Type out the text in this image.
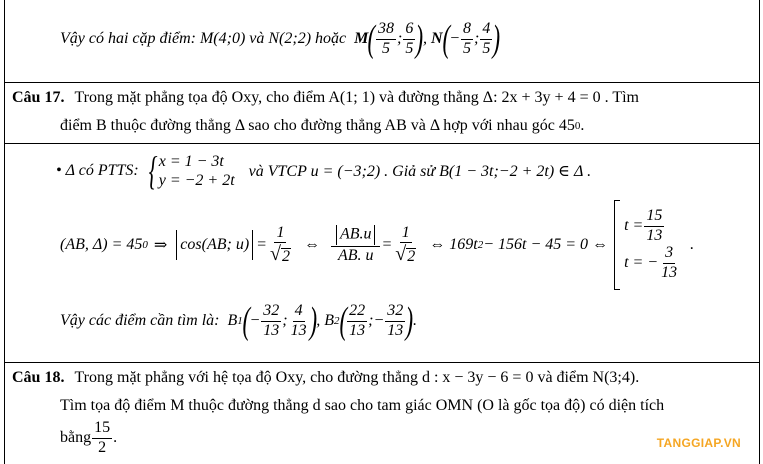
Vậy có hai cặp điểm: M(4;0) và N(2;2) hoặc M ( $\frac{38}{5}$ ; $\frac{6}{5}$ ) , N ( − $\frac{8}{5}$ ; $\frac{4}{5}$ )
Câu 17. Trong mặt phẳng tọa độ Oxy, cho điểm A(1; 1) và đường thẳng Δ: 2x + 3y + 4 = 0 . Tìm
điểm B thuộc đường thẳng Δ sao cho đường thẳng AB và Δ hợp với nhau góc 45 0 .
• Δ có PTTS: { x = 1 − 3t
y = −2 + 2t
và VTCP u = (−3;2) . Giả sử B(1 − 3t;−2 + 2t) ∈ Δ .
(AB, Δ) = 45 0 ⇒ cos(AB; $u) = \frac{1}{√ 2}$ ⇔ $\frac{AB.u}{AB. u} = \frac{1}{√ 2}$ ⇔ 169t 2 − 156t − 45 = 0 ⇔
$t = \frac{15}{13}$
t = − $\frac{3}{13}$
.
Vậy các điểm cần tìm là: B 1 ( − $\frac{32}{13}$ ; $\frac{4}{13}$ ) , B 2 ( $\frac{22}{13}$ ;− $\frac{32}{13}$ ) .
Câu 18. Trong mặt phẳng với hệ tọa độ Oxy, cho đường thẳng d : x − 3y − 6 = 0 và điểm N(3;4).
Tìm tọa độ điểm M thuộc đường thẳng d sao cho tam giác OMN (O là gốc tọa độ) có diện tích
bằng $\frac{15}{2}$ .	TANGGIAP.VN
